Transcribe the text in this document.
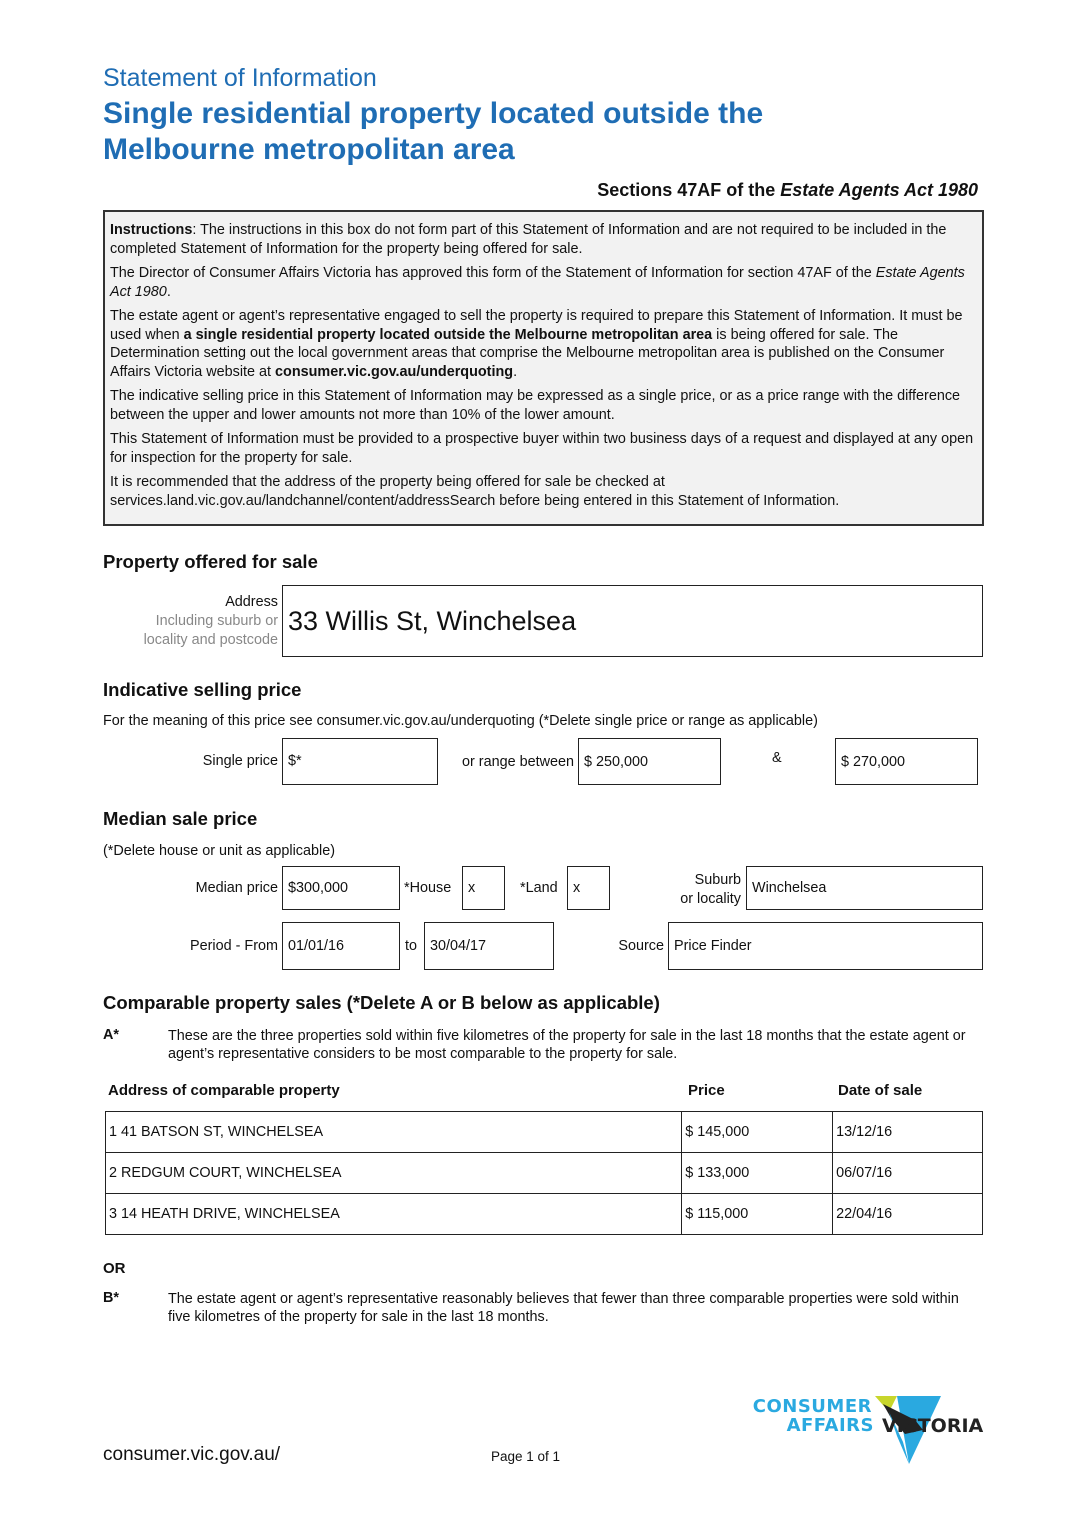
Statement of Information
Single residential property located outside the
Melbourne metropolitan area
Sections 47AF of the Estate Agents Act 1980

Instructions: The instructions in this box do not form part of this Statement of Information and are not required to be included in the completed Statement of Information for the property being offered for sale.

The Director of Consumer Affairs Victoria has approved this form of the Statement of Information for section 47AF of the Estate Agents Act 1980.

The estate agent or agent’s representative engaged to sell the property is required to prepare this Statement of Information. It must be used when a single residential property located outside the Melbourne metropolitan area is being offered for sale. The Determination setting out the local government areas that comprise the Melbourne metropolitan area is published on the Consumer Affairs Victoria website at consumer.vic.gov.au/underquoting.

The indicative selling price in this Statement of Information may be expressed as a single price, or as a price range with the difference between the upper and lower amounts not more than 10% of the lower amount.

This Statement of Information must be provided to a prospective buyer within two business days of a request and displayed at any open for inspection for the property for sale.

It is recommended that the address of the property being offered for sale be checked at services.land.vic.gov.au/landchannel/content/addressSearch before being entered in this Statement of Information.

Property offered for sale
Address
Including suburb or
locality and postcode
33 Willis St, Winchelsea
Indicative selling price
For the meaning of this price see consumer.vic.gov.au/underquoting (*Delete single price or range as applicable)
Single price $*	or range between $ 250,000	&	$ 270,000
Median sale price
(*Delete house or unit as applicable)
Median price $300,000	*House x	*Land x	Suburb
or locality
Winchelsea
Period - From 01/01/16	to 30/04/17	Source Price Finder
Comparable property sales (*Delete A or B below as applicable)
A*	These are the three properties sold within five kilometres of the property for sale in the last 18 months that the estate agent or agent’s representative considers to be most comparable to the property for sale.
Address of comparable property	Price	Date of sale
1 41 BATSON ST, WINCHELSEA	$ 145,000	13/12/16
2 REDGUM COURT, WINCHELSEA	$ 133,000	06/07/16
3 14 HEATH DRIVE, WINCHELSEA	$ 115,000	22/04/16
OR
B*	The estate agent or agent’s representative reasonably believes that fewer than three comparable properties were sold within five kilometres of the property for sale in the last 18 months.
CONSUMER
AFFAIRS VICTORIA
consumer.vic.gov.au/	Page 1 of 1
